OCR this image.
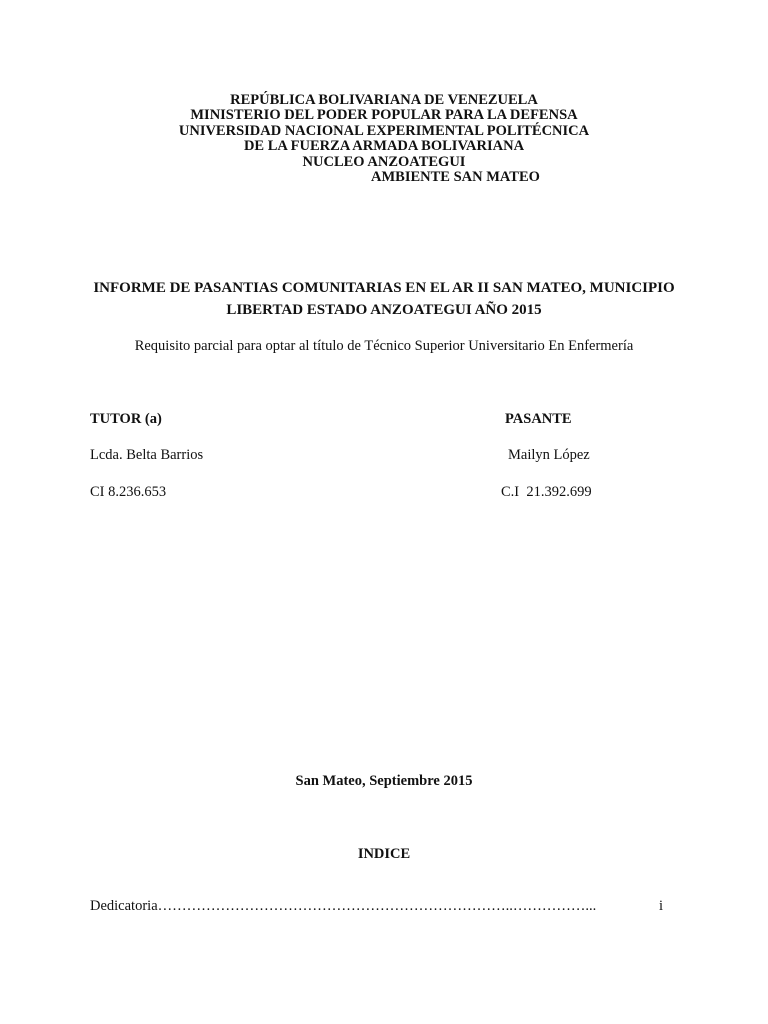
REPÚBLICA BOLIVARIANA DE VENEZUELA
MINISTERIO DEL PODER POPULAR PARA LA DEFENSA
UNIVERSIDAD NACIONAL EXPERIMENTAL POLITÉCNICA
DE LA FUERZA ARMADA BOLIVARIANA
NUCLEO ANZOATEGUI
AMBIENTE SAN MATEO
INFORME DE PASANTIAS COMUNITARIAS EN EL AR II SAN MATEO, MUNICIPIO
LIBERTAD ESTADO ANZOATEGUI AÑO 2015
Requisito parcial para optar al título de Técnico Superior Universitario En Enfermería
TUTOR (a)
Lcda. Belta Barrios
CI 8.236.653
PASANTE
Mailyn López
C.I  21.392.699
San Mateo, Septiembre 2015
INDICE
Dedicatoria………………………………………………………………..……………...	i
